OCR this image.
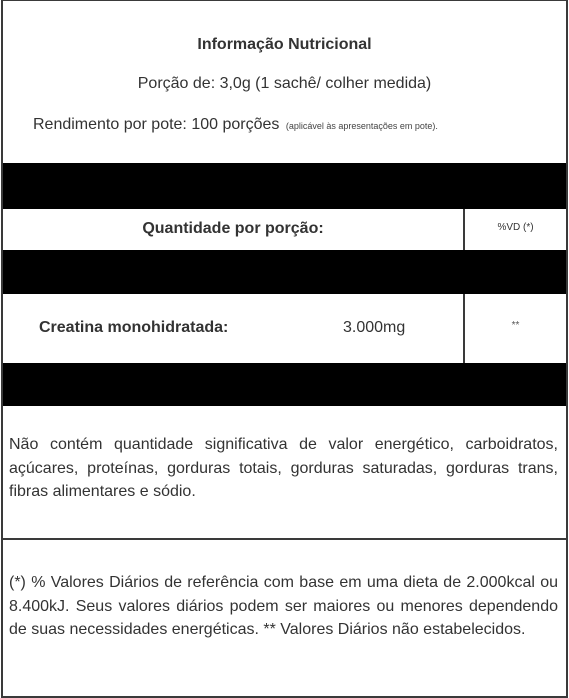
Informação Nutricional
Porção de: 3,0g (1 sachê/ colher medida)
Rendimento por pote: 100 porções (aplicável às apresentações em pote).
Quantidade por porção:	%VD (*)
Creatina monohidratada:	3.000mg	**
Não contém quantidade significativa de valor energético, carboidratos, açúcares, proteínas, gorduras totais, gorduras saturadas, gorduras trans, fibras alimentares e sódio.
(*) % Valores Diários de referência com base em uma dieta de 2.000kcal ou 8.400kJ. Seus valores diários podem ser maiores ou menores dependendo de suas necessidades energéticas. ** Valores Diários não estabelecidos.
